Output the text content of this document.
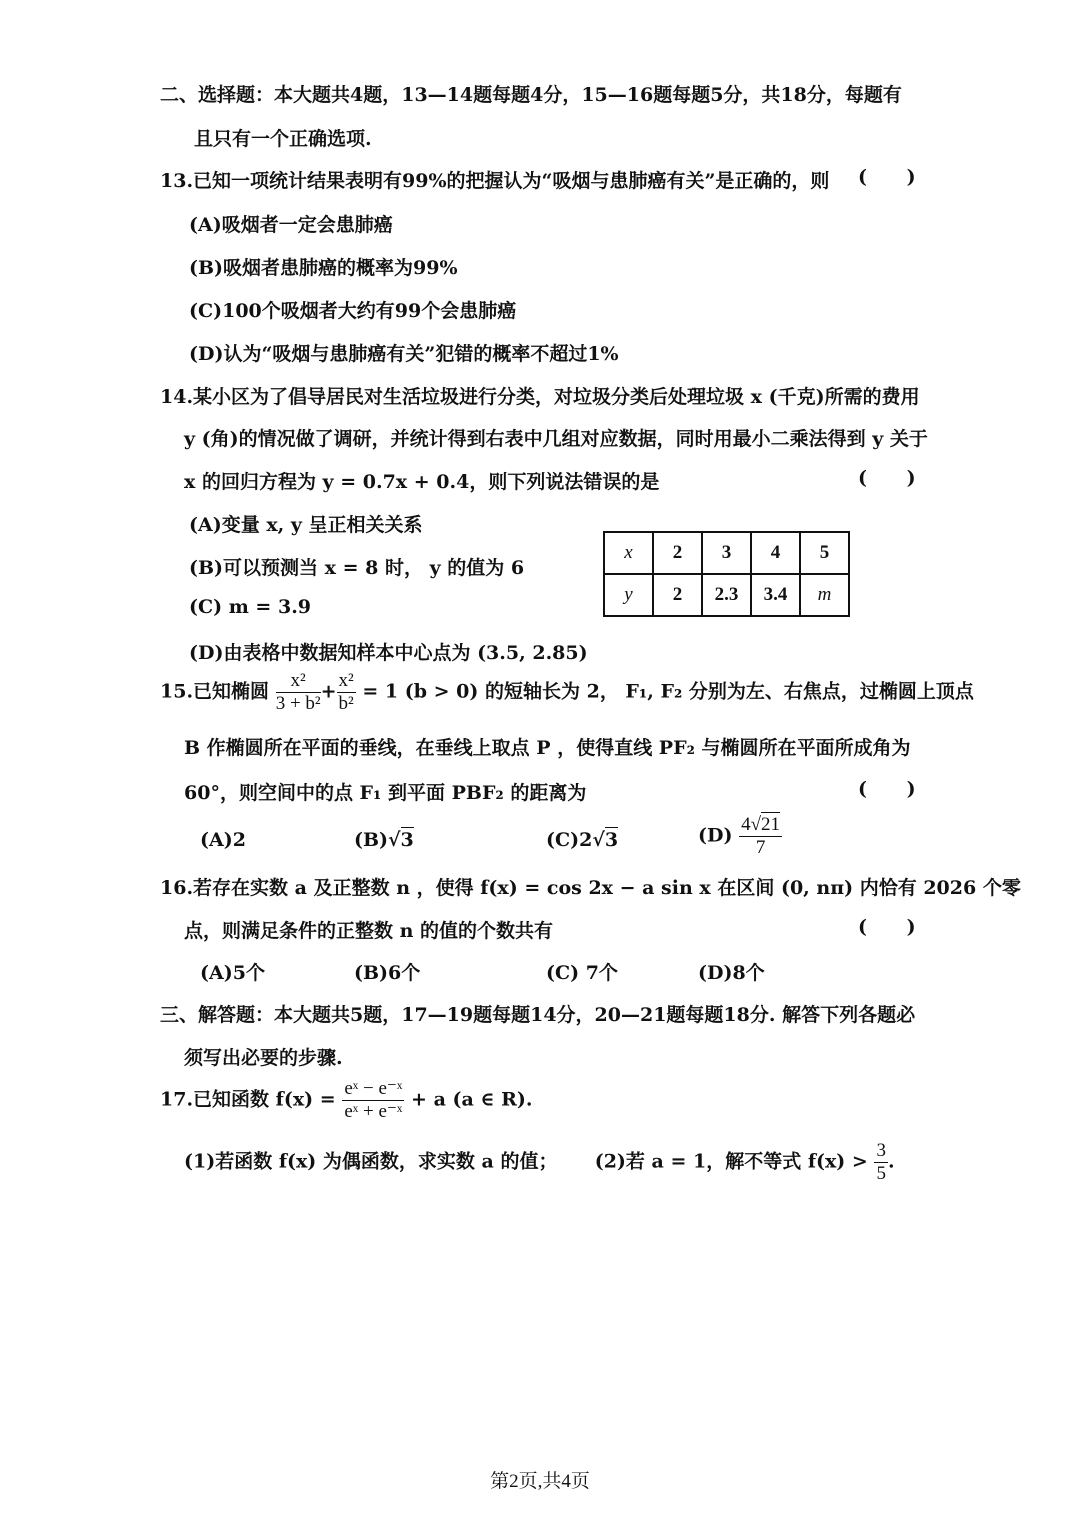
二、选择题：本大题共4题，13—14题每题4分，15—16题每题5分，共18分，每题有
且只有一个正确选项.
13.已知一项统计结果表明有99%的把握认为“吸烟与患肺癌有关”是正确的，则 (      )
(A)吸烟者一定会患肺癌
(B)吸烟者患肺癌的概率为99%
(C)100个吸烟者大约有99个会患肺癌
(D)认为“吸烟与患肺癌有关”犯错的概率不超过1%
14.某小区为了倡导居民对生活垃圾进行分类，对垃圾分类后处理垃圾 x (千克)所需的费用
y (角)的情况做了调研，并统计得到右表中几组对应数据，同时用最小二乘法得到 y 关于
x 的回归方程为 y = 0.7x + 0.4，则下列说法错误的是	(      )
(A)变量 x, y 呈正相关关系
(B)可以预测当 x = 8 时， y 的值为 6
(C) m = 3.9
(D)由表格中数据知样本中心点为 (3.5, 2.85)
x	2	3	4	5
y	2	2.3	3.4	m
15.已知椭圆 $\frac{\text{x²}}{\text{3 + b²}} + \frac{\text{x²}}{\text{b²}} = 1$ (b > 0) 的短轴长为 2， F₁, F₂ 分别为左、右焦点，过椭圆上顶点
B 作椭圆所在平面的垂线，在垂线上取点 P ，使得直线 PF₂ 与椭圆所在平面所成角为
60°，则空间中的点 F₁ 到平面 PBF₂ 的距离为	(      )
(A)2	(B)√3	(C)2√3	$(D) \frac{4√21}{7}$
16.若存在实数 a 及正整数 n ，使得 f(x) = cos 2x − a sin x 在区间 (0, nπ) 内恰有 2026 个零
点，则满足条件的正整数 n 的值的个数共有	(      )
(A)5个	(B)6个	(C) 7个	(D)8个
三、解答题：本大题共5题，17—19题每题14分，20—21题每题18分. 解答下列各题必
须写出必要的步骤.
17.已知函数 $f(x) = \frac{\text{eˣ − e⁻ˣ}}{\text{eˣ + e⁻ˣ}} + a$ (a ∈ R).
(1)若函数 f(x) 为偶函数，求实数 a 的值； (2)若 a = 1，解不等式 $f(x) > \frac{3}{5}$ .
第2页,共4页
